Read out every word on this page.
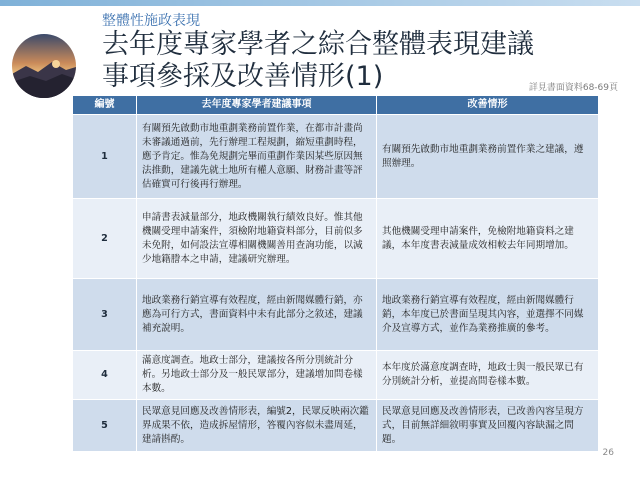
整體性施政表現
去年度專家學者之綜合整體表現建議
事項參採及改善情形(1)	詳見書面資料68-69頁
編號	去年度專家學者建議事項	改善情形
1	有關預先啟動市地重劃業務前置作業，在都市計畫尚未審議通過前，先行辦理工程規劃，縮短重劃時程，應予肯定。惟為免規劃完畢而重劃作業因某些原因無法推動，建議先就土地所有權人意願、財務計畫等評估確實可行後再行辦理。	有關預先啟動市地重劃業務前置作業之建議，遵照辦理。
2	申請書表減量部分，地政機關執行績效良好。惟其他機關受理申請案件，須檢附地籍資料部分，目前似多未免附，如何設法宣導相關機關善用查詢功能，以減少地籍謄本之申請，建議研究辦理。	其他機關受理申請案件，免檢附地籍資料之建議，本年度書表減量成效相較去年同期增加。
3	地政業務行銷宣導有效程度，經由新聞媒體行銷，亦應為可行方式，書面資料中未有此部分之敘述，建議補充說明。	地政業務行銷宣導有效程度，經由新聞媒體行銷，本年度已於書面呈現其內容，並選擇不同媒介及宣導方式，並作為業務推廣的參考。
4	滿意度調查。地政士部分，建議按各所分別統計分析。另地政士部分及一般民眾部分，建議增加問卷樣本數。	本年度於滿意度調查時，地政士與一般民眾已有分別統計分析，並提高問卷樣本數。
5	民眾意見回應及改善情形表，編號2，民眾反映兩次鑑界成果不依，造成拆屋情形，答覆內容似未盡周延，建請斟酌。	民眾意見回應及改善情形表，已改善內容呈現方式，目前無詳細敘明事實及回覆內容缺漏之問題。
26
